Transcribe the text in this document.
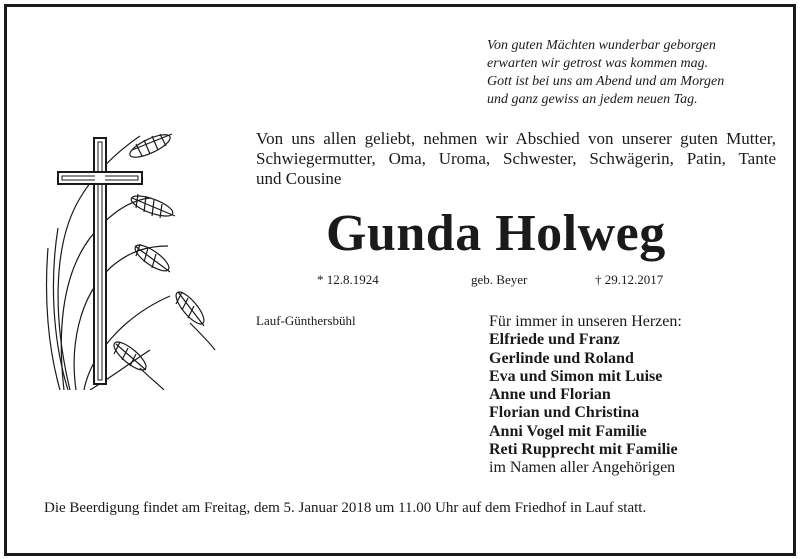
Von guten Mächten wunderbar geborgen
erwarten wir getrost was kommen mag.
Gott ist bei uns am Abend und am Morgen
und ganz gewiss an jedem neuen Tag.
Von uns allen geliebt, nehmen wir Abschied von unserer guten Mutter,
Schwiegermutter, Oma, Uroma, Schwester, Schwägerin, Patin, Tante
und Cousine
Gunda Holweg
* 12.8.1924	geb. Beyer	† 29.12.2017
Lauf-Günthersbühl	Für immer in unseren Herzen:
Elfriede und Franz
Gerlinde und Roland
Eva und Simon mit Luise
Anne und Florian
Florian und Christina
Anni Vogel mit Familie
Reti Rupprecht mit Familie
im Namen aller Angehörigen
Die Beerdigung findet am Freitag, dem 5. Januar 2018 um 11.00 Uhr auf dem Friedhof in Lauf statt.
